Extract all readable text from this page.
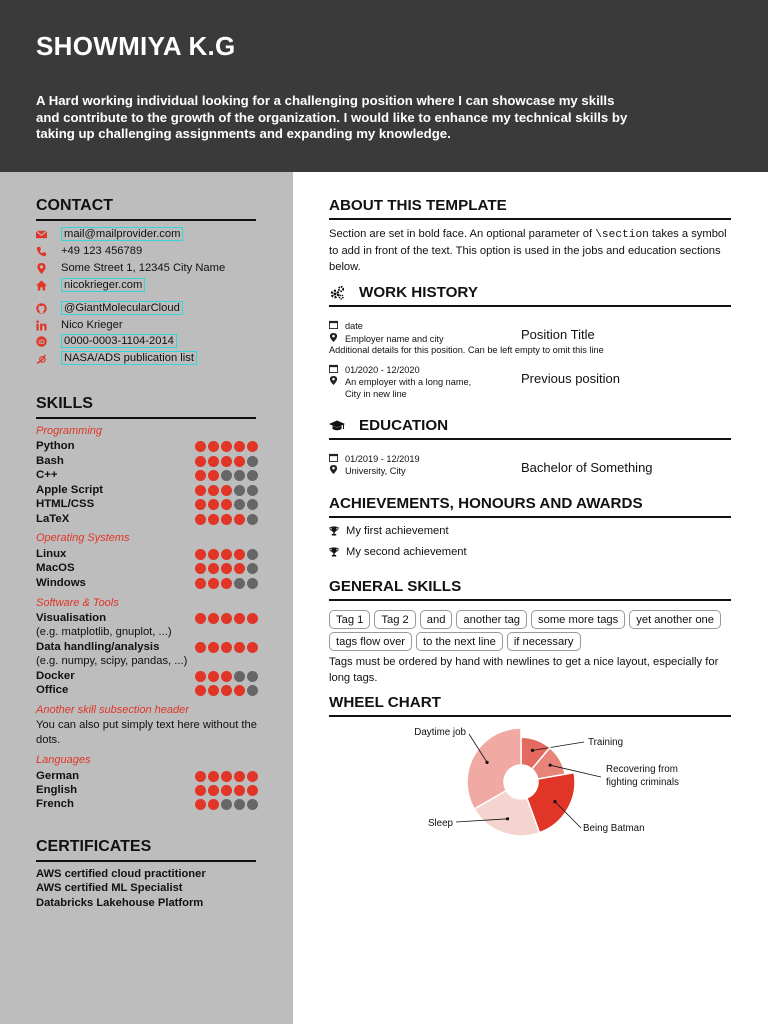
SHOWMIYA K.G
A Hard working individual looking for a challenging position where I can showcase my skills and contribute to the growth of the organization. I would like to enhance my technical skills by taking up challenging assignments and expanding my knowledge.
CONTACT
mail@mailprovider.com
+49 123 456789
Some Street 1, 12345 City Name
nicokrieger.com
@GiantMolecularCloud
Nico Krieger
iD 0000-0003-1104-2014
NASA/ADS publication list
SKILLS
Programming
Python
Bash
C++
Apple Script
HTML/CSS
LaTeX
Operating Systems
Linux
MacOS
Windows
Software & Tools
Visualisation
(e.g. matplotlib, gnuplot, ...)
Data handling/analysis
(e.g. numpy, scipy, pandas, ...)
Docker
Office
Another skill subsection header
You can also put simply text here without the dots.
Languages
German
English
French
CERTIFICATES
AWS certified cloud practitioner
AWS certified ML Specialist
Databricks Lakehouse Platform
ABOUT THIS TEMPLATE
Section are set in bold face. An optional parameter of \section takes a symbol to add in front of the text. This option is used in the jobs and education sections below.
WORK HISTORY
date
Employer name and city	Position Title
Additional details for this position. Can be left empty to omit this line
01/2020 - 12/2020
An employer with a long name, City in new line
Previous position
EDUCATION
01/2019 - 12/2019
University, City	Bachelor of Something
ACHIEVEMENTS, HONOURS AND AWARDS
My first achievement
My second achievement
GENERAL SKILLS
Tag 1	Tag 2	and	another tag	some more tags	yet another one
tags flow over	to the next line	if necessary
Tags must be ordered by hand with newlines to get a nice layout, especially for long tags.
WHEEL CHART
Training
Recovering from fighting criminals
Being Batman
Sleep
Daytime job
